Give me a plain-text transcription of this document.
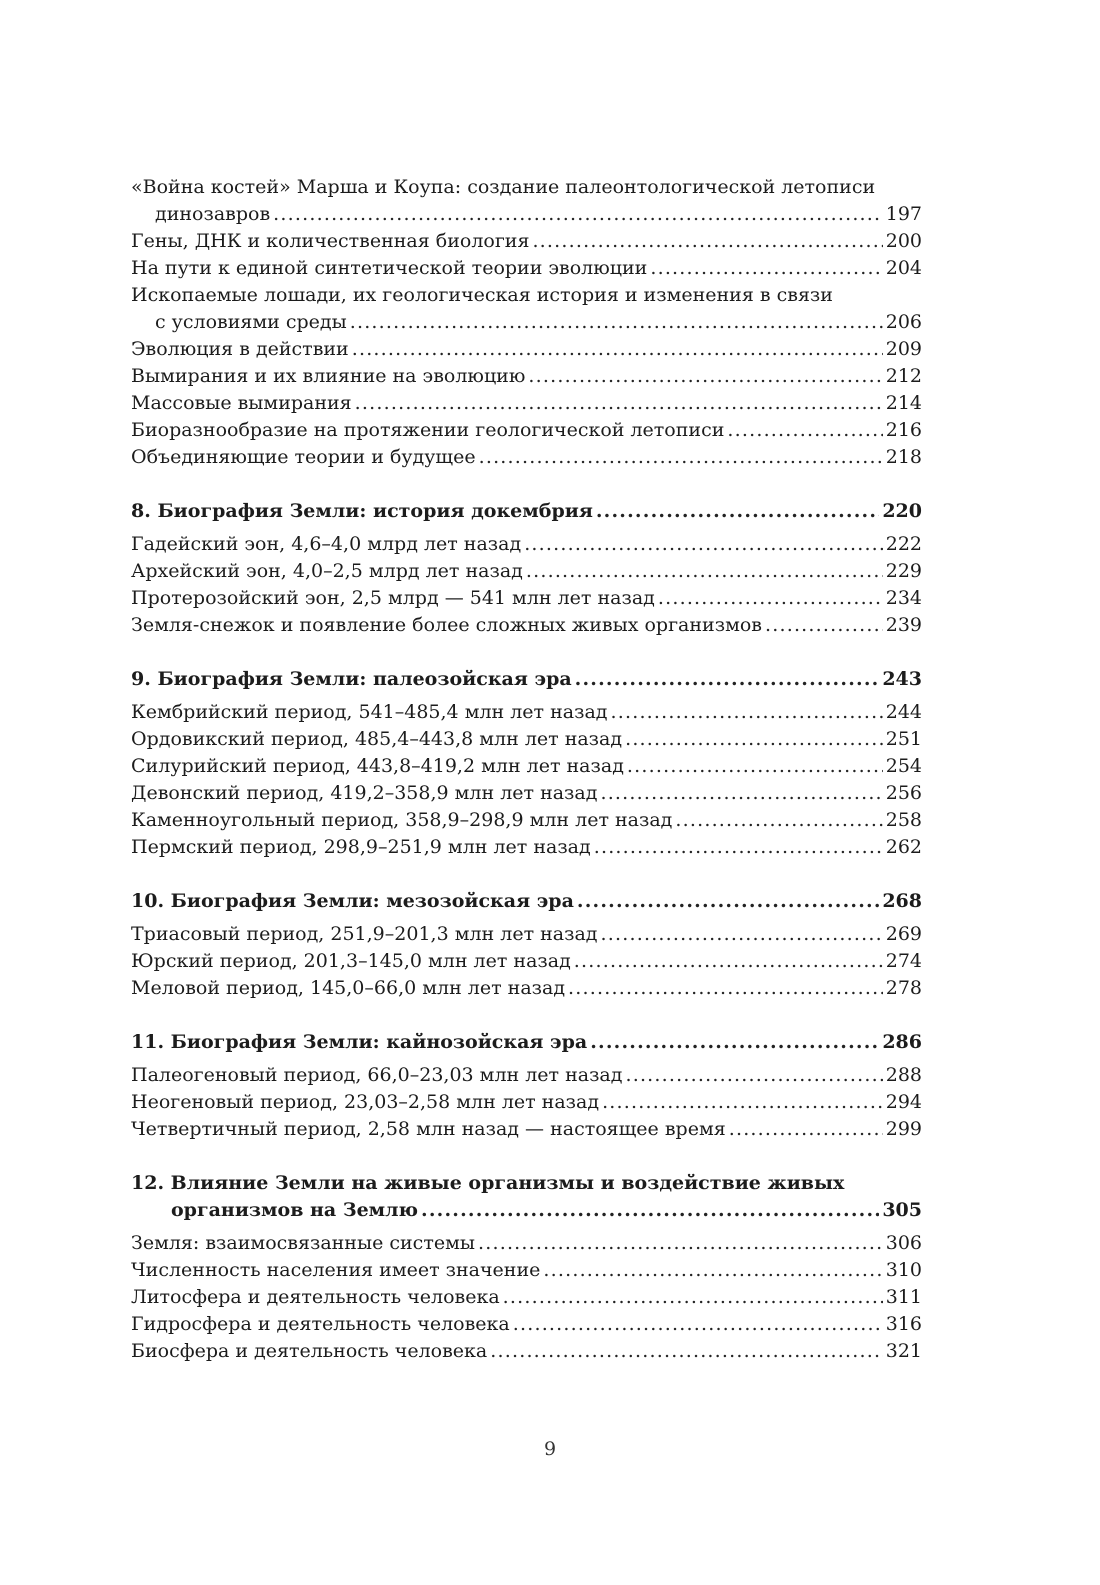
«Война костей» Марша и Коупа: создание палеонтологической летописи
динозавров .....	197
Гены, ДНК и количественная биология .....	200
На пути к единой синтетической теории эволюции .....	204
Ископаемые лошади, их геологическая история и изменения в связи
с условиями среды .....	206
Эволюция в действии .....	209
Вымирания и их влияние на эволюцию .....	212
Массовые вымирания .....	214
Биоразнообразие на протяжении геологической летописи .....	216
Объединяющие теории и будущее .....	218
8. Биография Земли: история докембрия .....	220
Гадейский эон, 4,6–4,0 млрд лет назад .....	222
Архейский эон, 4,0–2,5 млрд лет назад .....	229
Протерозойский эон, 2,5 млрд — 541 млн лет назад .....	234
Земля-снежок и появление более сложных живых организмов .....	239
9. Биография Земли: палеозойская эра .....	243
Кембрийский период, 541–485,4 млн лет назад .....	244
Ордовикский период, 485,4–443,8 млн лет назад .....	251
Силурийский период, 443,8–419,2 млн лет назад .....	254
Девонский период, 419,2–358,9 млн лет назад .....	256
Каменноугольный период, 358,9–298,9 млн лет назад .....	258
Пермский период, 298,9–251,9 млн лет назад .....	262
10. Биография Земли: мезозойская эра .....	268
Триасовый период, 251,9–201,3 млн лет назад .....	269
Юрский период, 201,3–145,0 млн лет назад .....	274
Меловой период, 145,0–66,0 млн лет назад .....	278
11. Биография Земли: кайнозойская эра .....	286
Палеогеновый период, 66,0–23,03 млн лет назад .....	288
Неогеновый период, 23,03–2,58 млн лет назад .....	294
Четвертичный период, 2,58 млн назад — настоящее время .....	299
12. Влияние Земли на живые организмы и воздействие живых
организмов на Землю .....	305
Земля: взаимосвязанные системы .....	306
Численность населения имеет значение .....	310
Литосфера и деятельность человека .....	311
Гидросфера и деятельность человека .....	316
Биосфера и деятельность человека .....	321
9
